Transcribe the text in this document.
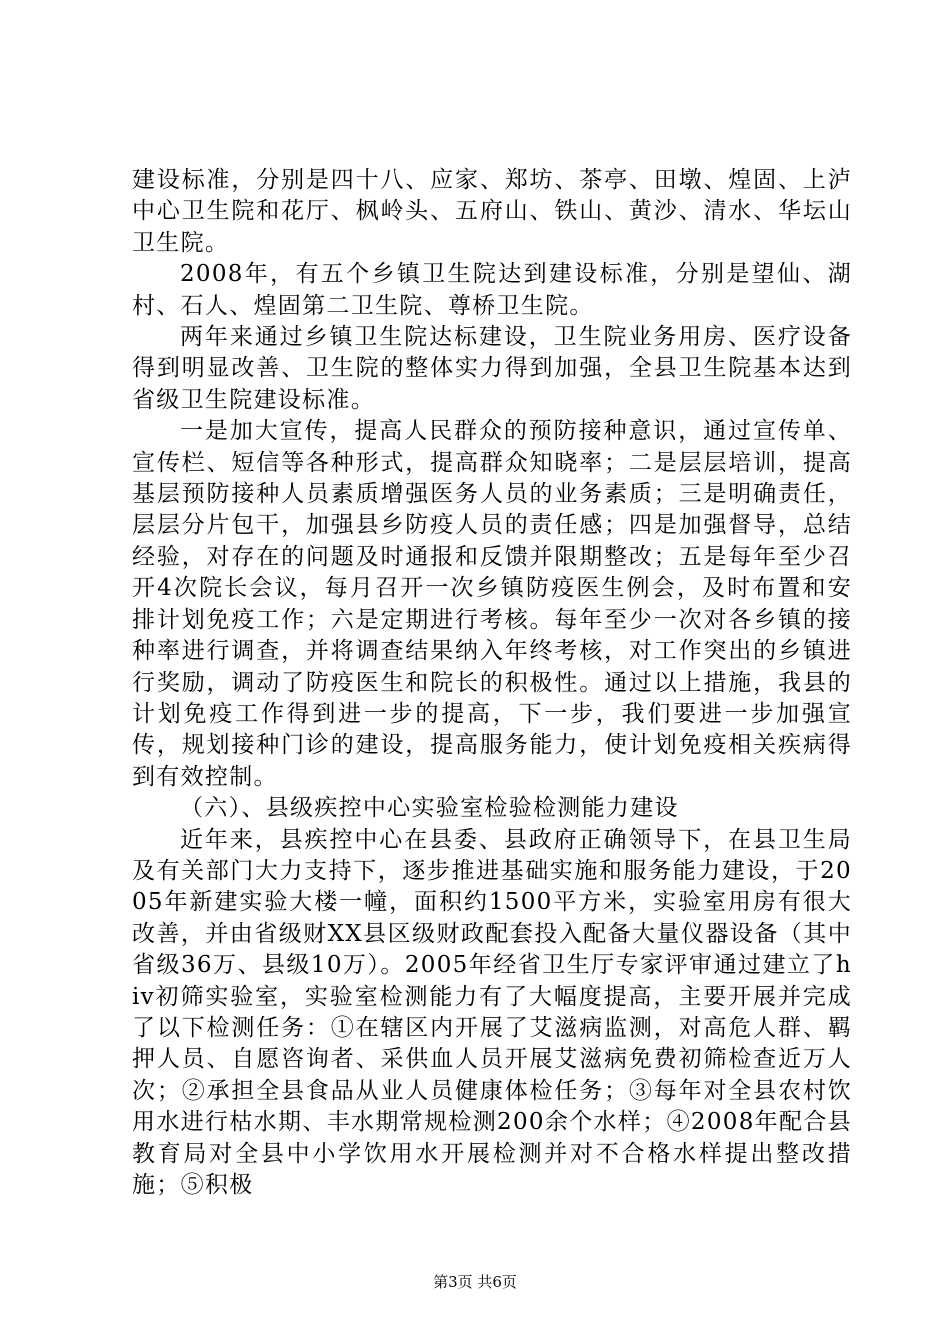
建设标准，分别是四十八、应家、郑坊、茶亭、田墩、煌固、上泸中心卫生院和花厅、枫岭头、五府山、铁山、黄沙、清水、华坛山卫生院。

2008年，有五个乡镇卫生院达到建设标准，分别是望仙、湖村、石人、煌固第二卫生院、尊桥卫生院。

两年来通过乡镇卫生院达标建设，卫生院业务用房、医疗设备得到明显改善、卫生院的整体实力得到加强，全县卫生院基本达到省级卫生院建设标准。

一是加大宣传，提高人民群众的预防接种意识，通过宣传单、宣传栏、短信等各种形式，提高群众知晓率；二是层层培训，提高基层预防接种人员素质增强医务人员的业务素质；三是明确责任，层层分片包干，加强县乡防疫人员的责任感；四是加强督导，总结经验，对存在的问题及时通报和反馈并限期整改；五是每年至少召开4次院长会议，每月召开一次乡镇防疫医生例会，及时布置和安排计划免疫工作；六是定期进行考核。每年至少一次对各乡镇的接种率进行调查，并将调查结果纳入年终考核，对工作突出的乡镇进行奖励，调动了防疫医生和院长的积极性。通过以上措施，我县的计划免疫工作得到进一步的提高，下一步，我们要进一步加强宣传，规划接种门诊的建设，提高服务能力，使计划免疫相关疾病得到有效控制。

（六）、县级疾控中心实验室检验检测能力建设

近年来，县疾控中心在县委、县政府正确领导下，在县卫生局及有关部门大力支持下，逐步推进基础实施和服务能力建设，于2005年新建实验大楼一幢，面积约1500平方米，实验室用房有很大改善，并由省级财XX县区级财政配套投入配备大量仪器设备（其中省级36万、县级10万）。2005年经省卫生厅专家评审通过建立了hiv初筛实验室，实验室检测能力有了大幅度提高，主要开展并完成了以下检测任务：①在辖区内开展了艾滋病监测，对高危人群、羁押人员、自愿咨询者、采供血人员开展艾滋病免费初筛检查近万人次；②承担全县食品从业人员健康体检任务；③每年对全县农村饮用水进行枯水期、丰水期常规检测200余个水样；④2008年配合县教育局对全县中小学饮用水开展检测并对不合格水样提出整改措施；⑤积极

第3页 共6页
